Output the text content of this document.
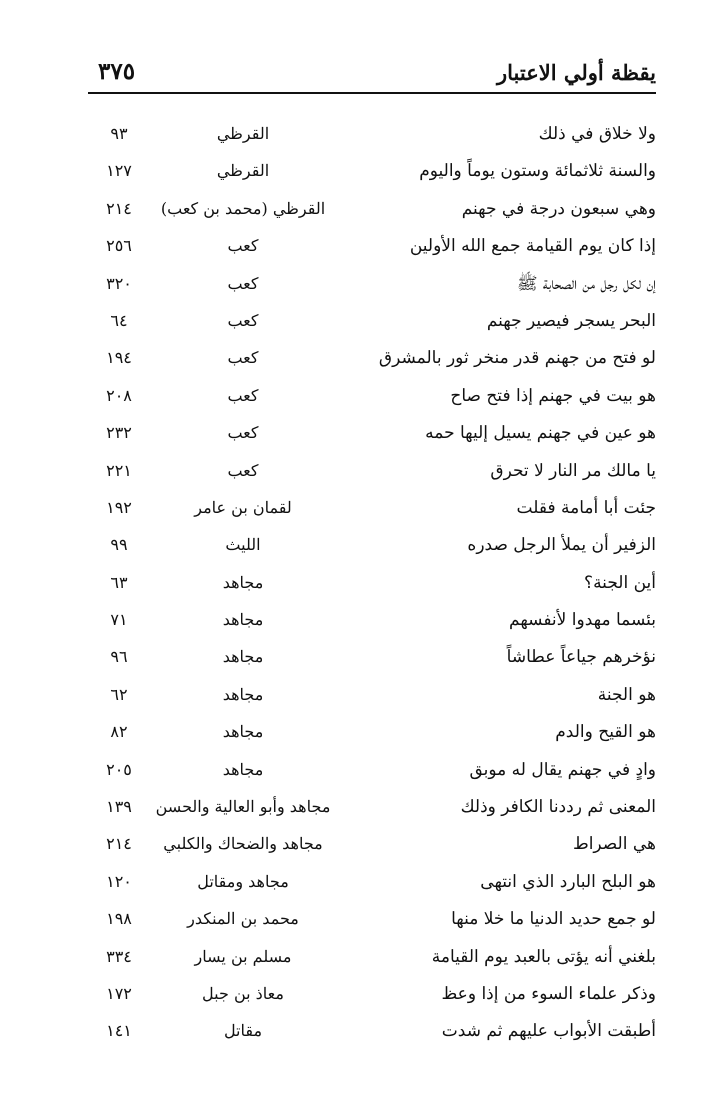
يقظة أولي الاعتبار
٣٧٥
ولا خلاق في ذلك
القرظي
٩٣
والسنة ثلاثمائة وستون يوماً واليوم
القرظي
١٢٧
وهي سبعون درجة في جهنم
القرظي (محمد بن كعب)
٢١٤
إذا كان يوم القيامة جمع الله الأولين
كعب
٢٥٦
إن لكل رجل من الصحابة ﷺ
كعب
٣٢٠
البحر يسجر فيصير جهنم
كعب
٦٤
لو فتح من جهنم قدر منخر ثور بالمشرق
كعب
١٩٤
هو بيت في جهنم إذا فتح صاح
كعب
٢٠٨
هو عين في جهنم يسيل إليها حمه
كعب
٢٣٢
يا مالك مر النار لا تحرق
كعب
٢٢١
جئت أبا أمامة فقلت
لقمان بن عامر
١٩٢
الزفير أن يملأ الرجل صدره
الليث
٩٩
أين الجنة؟
مجاهد
٦٣
بئسما مهدوا لأنفسهم
مجاهد
٧١
نؤخرهم جياعاً عطاشاً
مجاهد
٩٦
هو الجنة
مجاهد
٦٢
هو القيح والدم
مجاهد
٨٢
وادٍ في جهنم يقال له موبق
مجاهد
٢٠٥
المعنى ثم رددنا الكافر وذلك
مجاهد وأبو العالية والحسن
١٣٩
هي الصراط
مجاهد والضحاك والكلبي
٢١٤
هو البلح البارد الذي انتهى
مجاهد ومقاتل
١٢٠
لو جمع حديد الدنيا ما خلا منها
محمد بن المنكدر
١٩٨
بلغني أنه يؤتى بالعبد يوم القيامة
مسلم بن يسار
٣٣٤
وذكر علماء السوء من إذا وعظ
معاذ بن جبل
١٧٢
أطبقت الأبواب عليهم ثم شدت
مقاتل
١٤١
